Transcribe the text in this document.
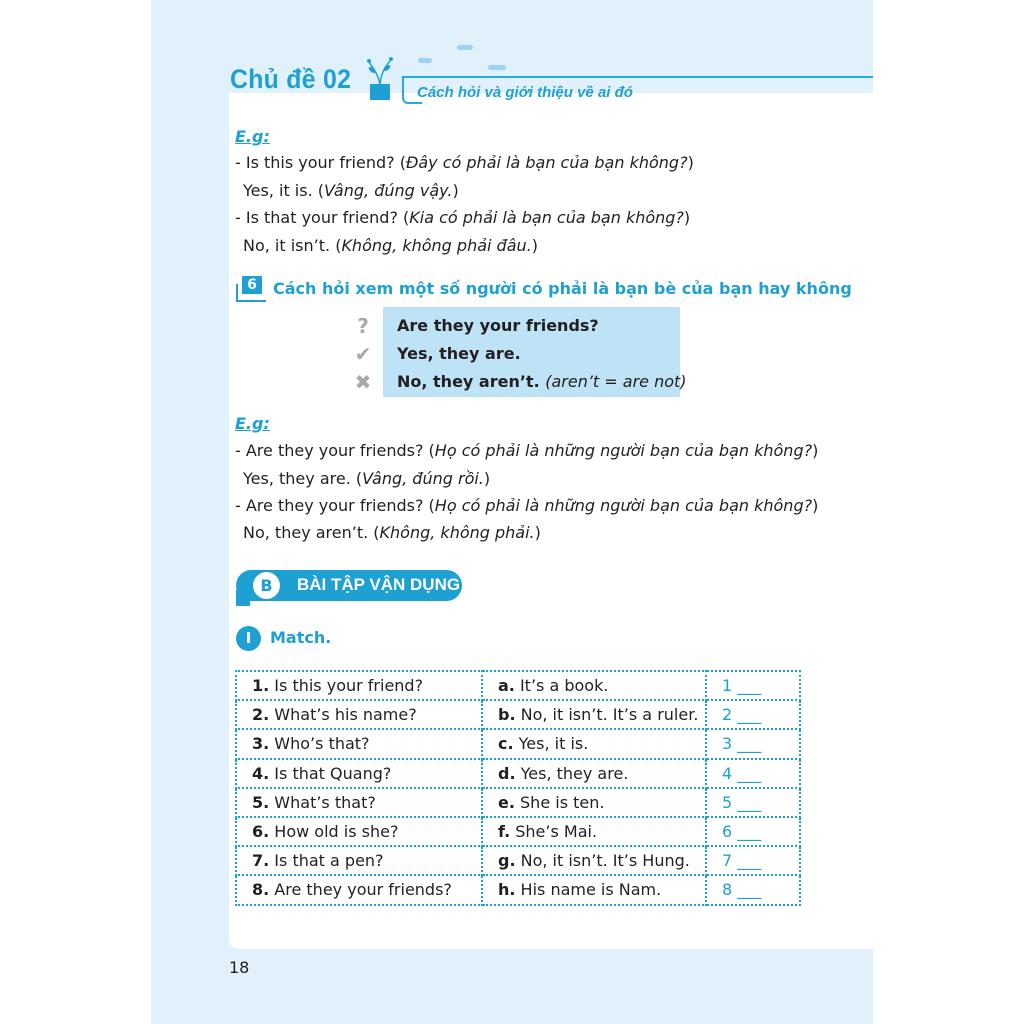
Chủ đề 02	Cách hỏi và giới thiệu về ai đó
E.g:
- Is this your friend? (Đây có phải là bạn của bạn không?)
Yes, it is. (Vâng, đúng vậy.)
- Is that your friend? (Kia có phải là bạn của bạn không?)
No, it isn’t. (Không, không phải đâu.)
6	Cách hỏi xem một số người có phải là bạn bè của bạn hay không
?
✔
✖
Are they your friends?
Yes, they are.
No, they aren’t. (aren’t = are not)
E.g:
- Are they your friends? (Họ có phải là những người bạn của bạn không?)
Yes, they are. (Vâng, đúng rồi.)
- Are they your friends? (Họ có phải là những người bạn của bạn không?)
No, they aren’t. (Không, không phải.)
B	BÀI TẬP VẬN DỤNG
I	Match.
1. Is this your friend?	a. It’s a book.	1 ___
2. What’s his name?	b. No, it isn’t. It’s a ruler.	2 ___
3. Who’s that?	c. Yes, it is.	3 ___
4. Is that Quang?	d. Yes, they are.	4 ___
5. What’s that?	e. She is ten.	5 ___
6. How old is she?	f. She’s Mai.	6 ___
7. Is that a pen?	g. No, it isn’t. It’s Hung.	7 ___
8. Are they your friends?	h. His name is Nam.	8 ___
18
